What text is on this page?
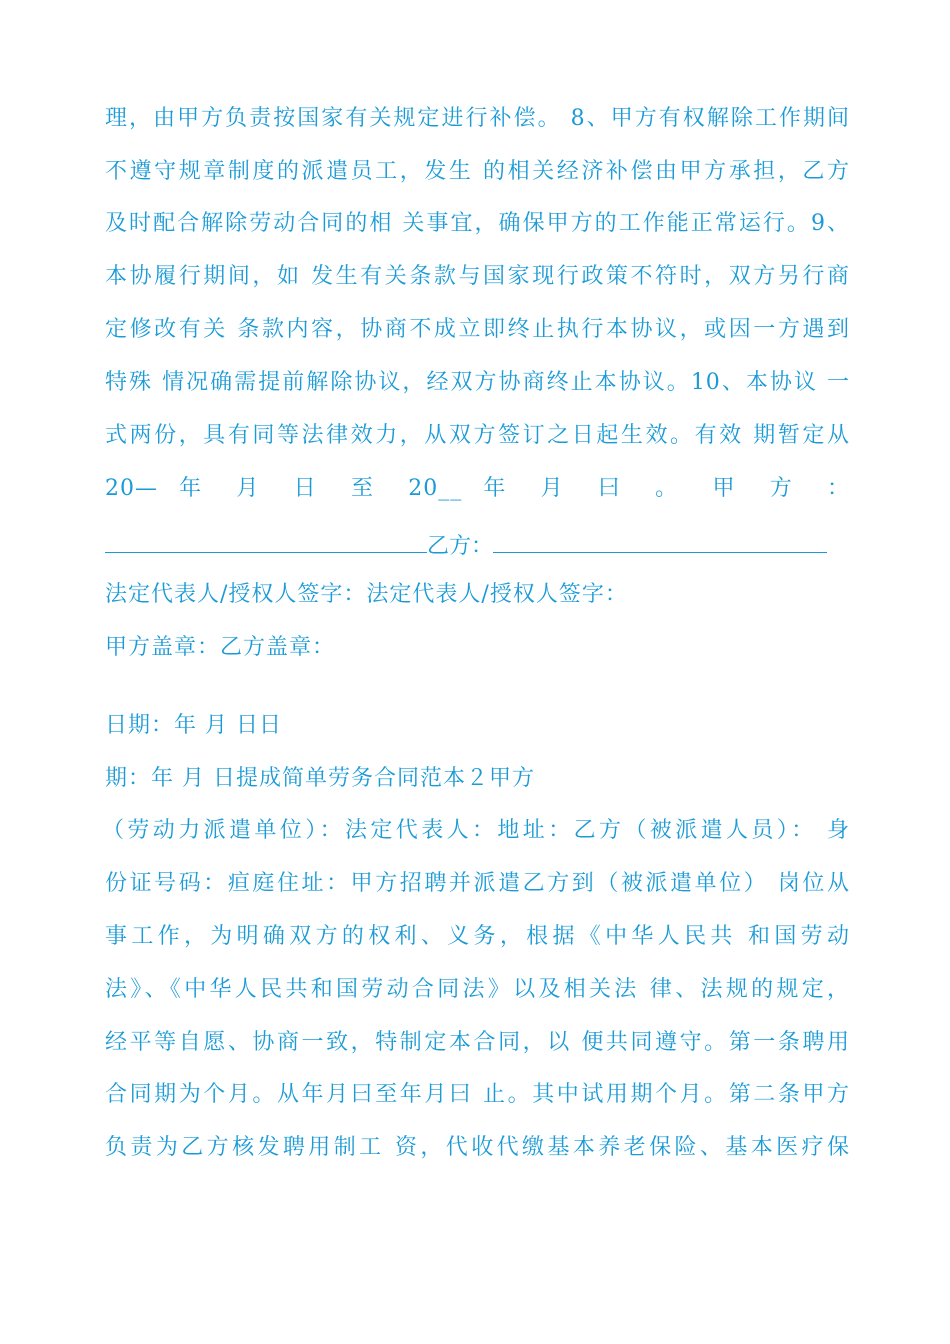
理，由甲方负责按国家有关规定进行补偿。 8、甲方有权解除工作期间
不遵守规章制度的派遣员工，发生 的相关经济补偿由甲方承担，乙方
及时配合解除劳动合同的相 关事宜，确保甲方的工作能正常运行。9、
本协履行期间，如 发生有关条款与国家现行政策不符时，双方另行商
定修改有关 条款内容，协商不成立即终止执行本协议，或因一方遇到
特殊 情况确需提前解除协议，经双方协商终止本协议。10、本协议 一
式两份，具有同等法律效力，从双方签订之日起生效。有效 期暂定从
20— 年 月 日 至 20__ 年 月 曰 。 甲 方 ：
乙方：
法定代表人/授权人签字：法定代表人/授权人签字：
甲方盖章：乙方盖章：
日期：年 月 日日
期：年 月 日提成简单劳务合同范本２甲方
（劳动力派遣单位）：法定代表人：地址：乙方（被派遣人员）： 身
份证号码：疸庭住址：甲方招聘并派遣乙方到（被派遣单位） 岗位从
事工作，为明确双方的权利、义务，根据《中华人民共 和国劳动
法》、《中华人民共和国劳动合同法》以及相关法 律、法规的规定，
经平等自愿、协商一致，特制定本合同，以 便共同遵守。第一条聘用
合同期为个月。从年月曰至年月曰 止。其中试用期个月。第二条甲方
负责为乙方核发聘用制工 资，代收代缴基本养老保险、基本医疗保
